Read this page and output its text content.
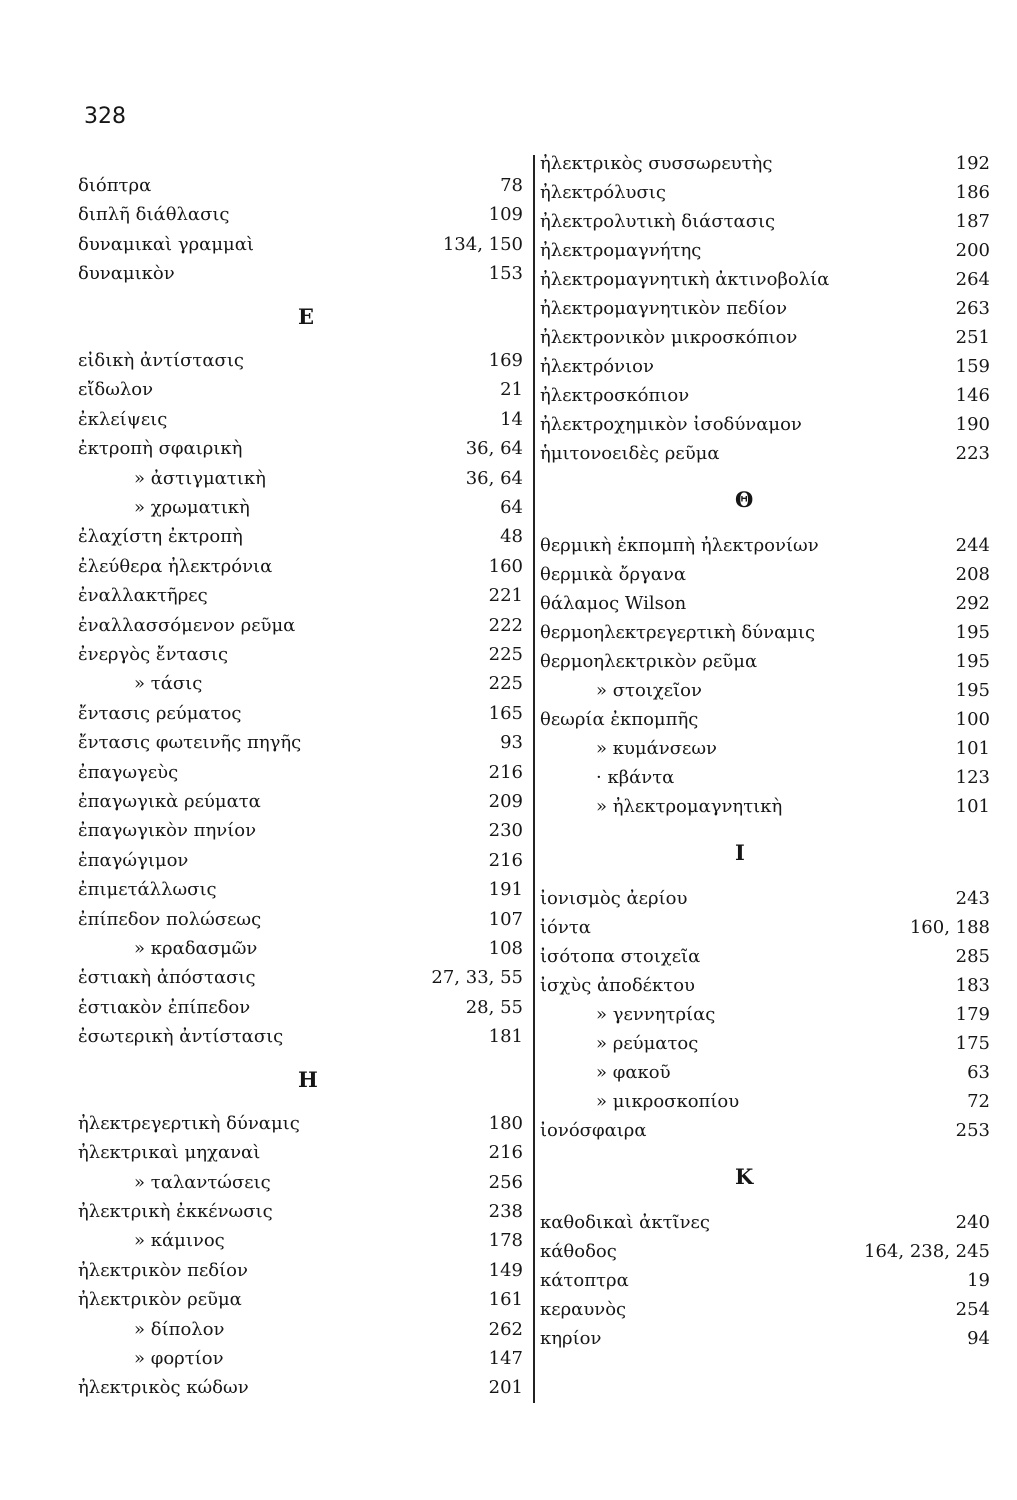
328
διόπτρα	78
διπλῆ διάθλασις	109
δυναμικαὶ γραμμαὶ	134, 150
δυναμικὸν	153
Ε
εἰδικὴ ἀντίστασις	169
εἴδωλον	21
ἐκλείψεις	14
ἐκτροπὴ σφαιρικὴ	36, 64
» ἀστιγματικὴ	36, 64
» χρωματικὴ	64
ἐλαχίστη ἐκτροπὴ	48
ἐλεύθερα ἠλεκτρόνια	160
ἐναλλακτῆρες	221
ἐναλλασσόμενον ρεῦμα	222
ἐνεργὸς ἔντασις	225
» τάσις	225
ἔντασις ρεύματος	165
ἔντασις φωτεινῆς πηγῆς	93
ἐπαγωγεὺς	216
ἐπαγωγικὰ ρεύματα	209
ἐπαγωγικὸν πηνίον	230
ἐπαγώγιμον	216
ἐπιμετάλλωσις	191
ἐπίπεδον πολώσεως	107
» κραδασμῶν	108
ἑστιακὴ ἀπόστασις	27, 33, 55
ἑστιακὸν ἐπίπεδον	28, 55
ἐσωτερικὴ ἀντίστασις	181
Η
ἠλεκτρεγερτικὴ δύναμις	180
ἠλεκτρικαὶ μηχαναὶ	216
» ταλαντώσεις	256
ἠλεκτρικὴ ἐκκένωσις	238
» κάμινος	178
ἠλεκτρικὸν πεδίον	149
ἠλεκτρικὸν ρεῦμα	161
» δίπολον	262
» φορτίον	147
ἠλεκτρικὸς κώδων	201
ἠλεκτρικὸς συσσωρευτὴς	192
ἠλεκτρόλυσις	186
ἠλεκτρολυτικὴ διάστασις	187
ἠλεκτρομαγνήτης	200
ἠλεκτρομαγνητικὴ ἀκτινοβολία	264
ἠλεκτρομαγνητικὸν πεδίον	263
ἠλεκτρονικὸν μικροσκόπιον	251
ἠλεκτρόνιον	159
ἠλεκτροσκόπιον	146
ἠλεκτροχημικὸν ἰσοδύναμον	190
ἡμιτονοειδὲς ρεῦμα	223
Θ
θερμικὴ ἐκπομπὴ ἠλεκτρονίων	244
θερμικὰ ὄργανα	208
θάλαμος Wilson	292
θερμοηλεκτρεγερτικὴ δύναμις	195
θερμοηλεκτρικὸν ρεῦμα	195
» στοιχεῖον	195
θεωρία ἐκπομπῆς	100
» κυμάνσεων	101
· κβάντα	123
» ἠλεκτρομαγνητικὴ	101
Ι
ἰονισμὸς ἀερίου	243
ἰόντα	160, 188
ἰσότοπα στοιχεῖα	285
ἰσχὺς ἀποδέκτου	183
» γεννητρίας	179
» ρεύματος	175
» φακοῦ	63
» μικροσκοπίου	72
ἰονόσφαιρα	253
Κ
καθοδικαὶ ἀκτῖνες	240
κάθοδος	164, 238, 245
κάτοπτρα	19
κεραυνὸς	254
κηρίον	94
